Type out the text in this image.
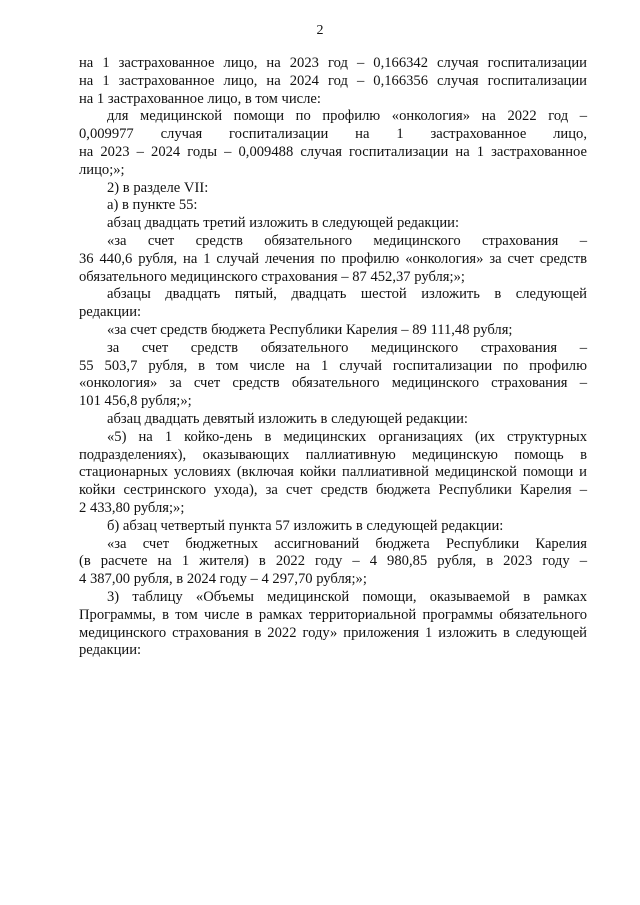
2
на 1 застрахованное лицо, на 2023 год – 0,166342 случая госпитализации
на 1 застрахованное лицо, на 2024 год – 0,166356 случая госпитализации
на 1 застрахованное лицо, в том числе:
для медицинской помощи по профилю «онкология» на 2022 год –
0,009977 случая госпитализации на 1 застрахованное лицо,
на 2023 – 2024 годы – 0,009488 случая госпитализации на 1 застрахованное
лицо;»;
2) в разделе VII:
а) в пункте 55:
абзац двадцать третий изложить в следующей редакции:
«за счет средств обязательного медицинского страхования –
36 440,6 рубля, на 1 случай лечения по профилю «онкология» за счет средств
обязательного медицинского страхования – 87 452,37 рубля;»;
абзацы двадцать пятый, двадцать шестой изложить в следующей
редакции:
«за счет средств бюджета Республики Карелия – 89 111,48 рубля;
за счет средств обязательного медицинского страхования –
55 503,7 рубля, в том числе на 1 случай госпитализации по профилю
«онкология» за счет средств обязательного медицинского страхования –
101 456,8 рубля;»;
абзац двадцать девятый изложить в следующей редакции:
«5) на 1 койко-день в медицинских организациях (их структурных
подразделениях), оказывающих паллиативную медицинскую помощь в
стационарных условиях (включая койки паллиативной медицинской помощи и
койки сестринского ухода), за счет средств бюджета Республики Карелия –
2 433,80 рубля;»;
б) абзац четвертый пункта 57 изложить в следующей редакции:
«за счет бюджетных ассигнований бюджета Республики Карелия
(в расчете на 1 жителя) в 2022 году – 4 980,85 рубля, в 2023 году –
4 387,00 рубля, в 2024 году – 4 297,70 рубля;»;
3) таблицу «Объемы медицинской помощи, оказываемой в рамках
Программы, в том числе в рамках территориальной программы обязательного
медицинского страхования в 2022 году» приложения 1 изложить в следующей
редакции:
